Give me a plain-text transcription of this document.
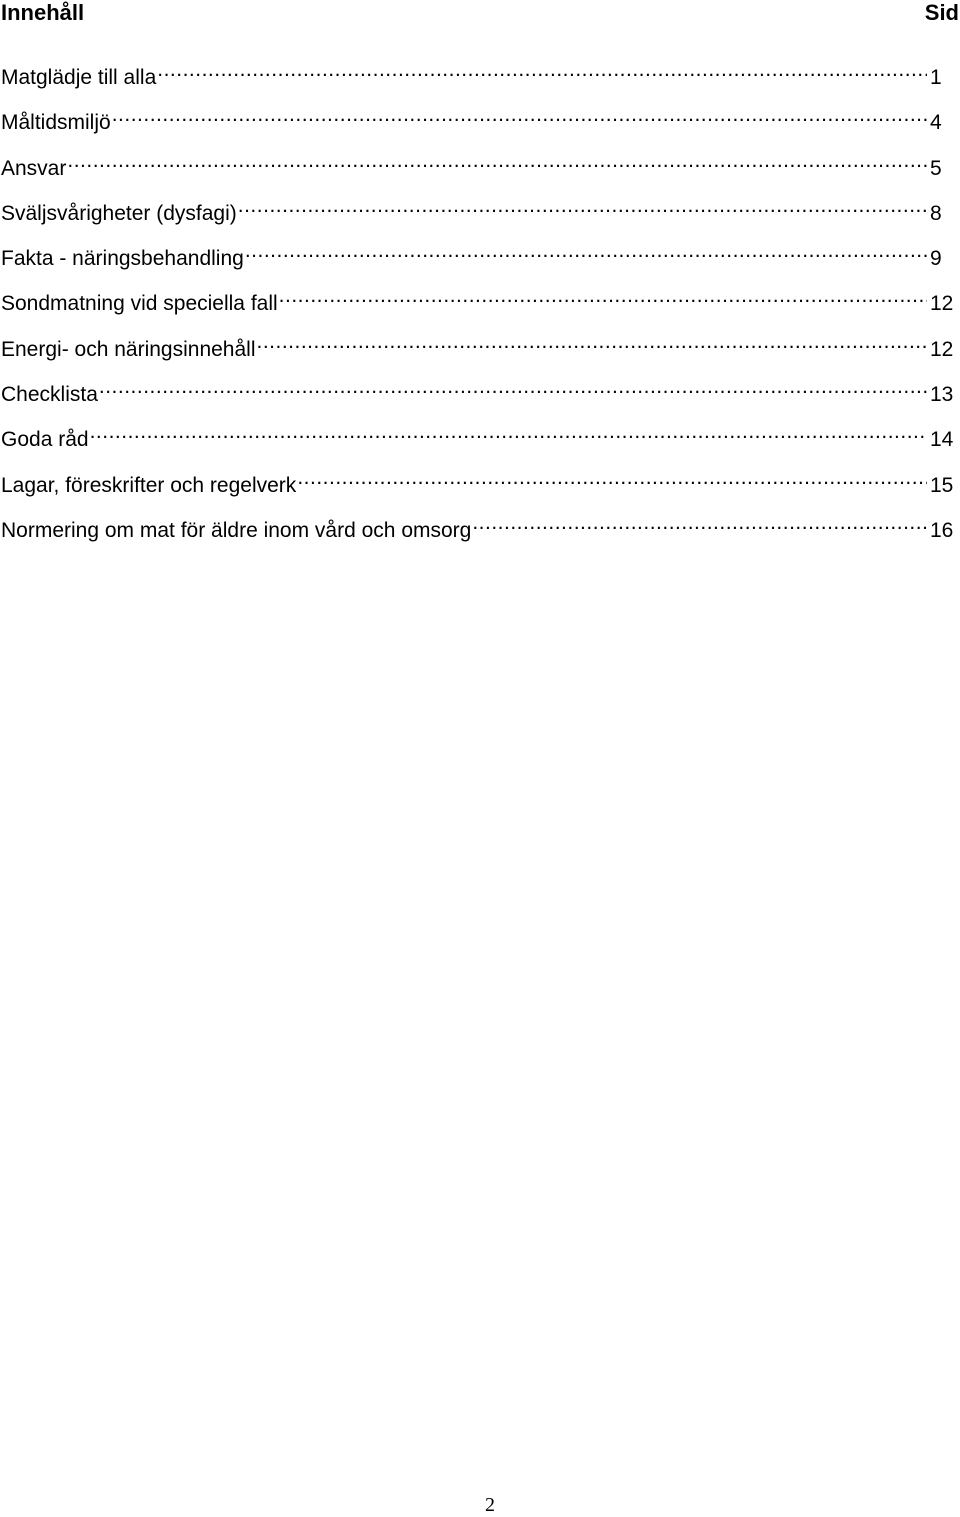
Innehåll	Sid
Matglädje till alla .....	1
Måltidsmiljö .....	4
Ansvar .....	5
Sväljsvårigheter (dysfagi) .....	8
Fakta - näringsbehandling .....	9
Sondmatning vid speciella fall .....	12
Energi- och näringsinnehåll .....	12
Checklista .....	13
Goda råd .....	14
Lagar, föreskrifter och regelverk .....	15
Normering om mat för äldre inom vård och omsorg .....	16
2
